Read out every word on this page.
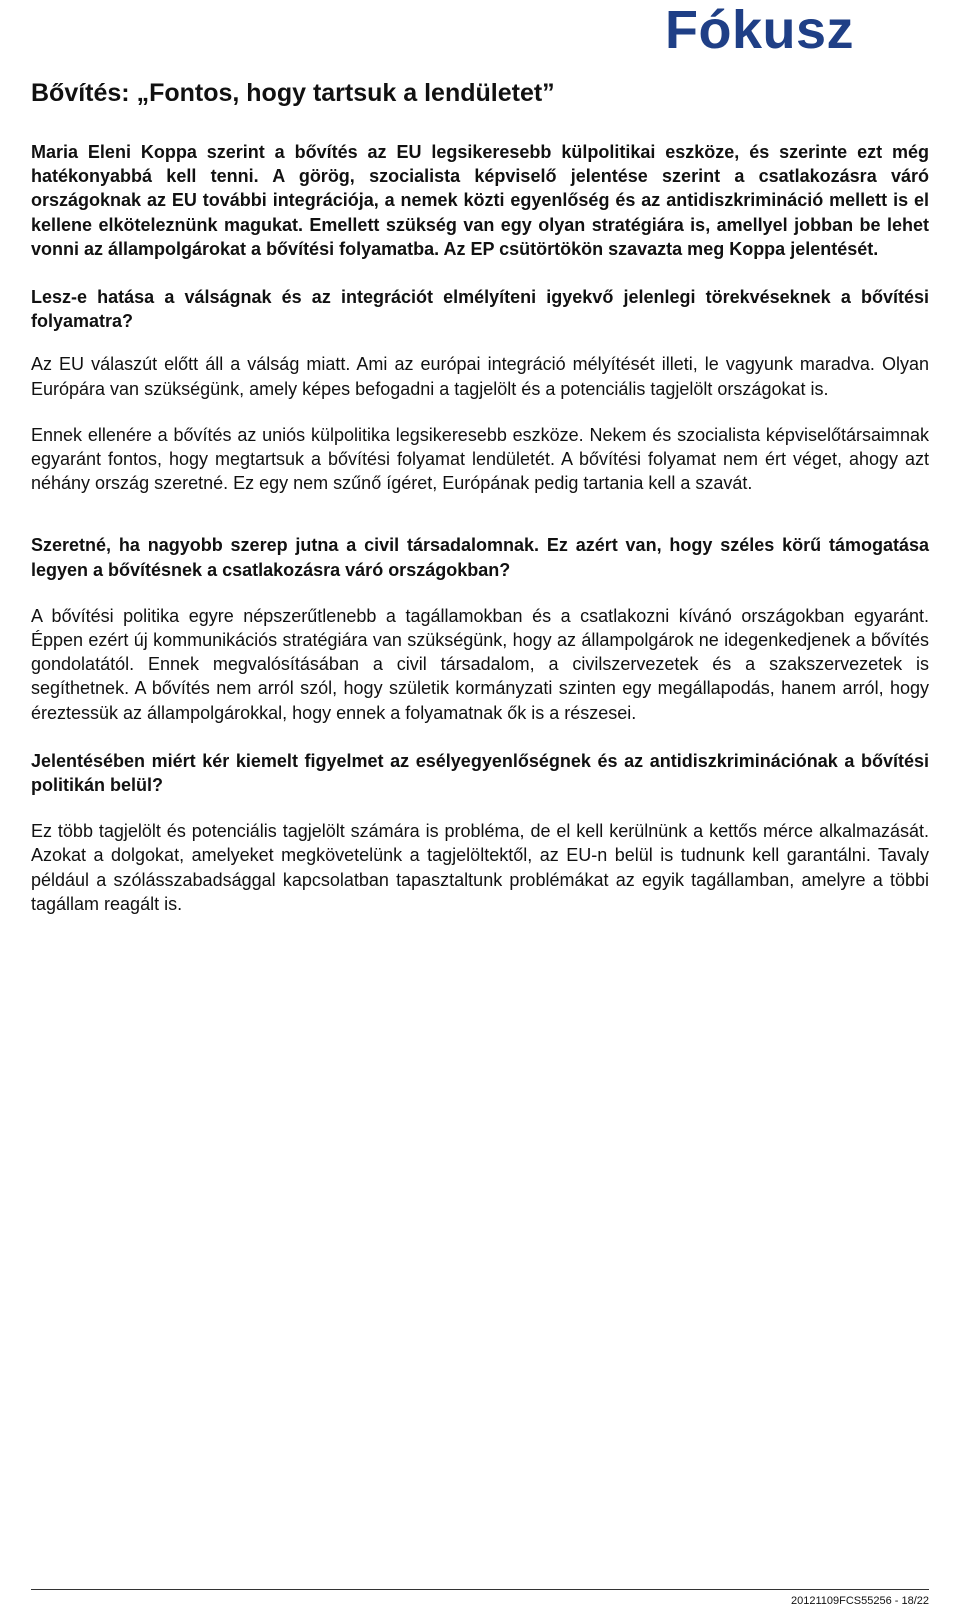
Fókusz
Bővítés: „Fontos, hogy tartsuk a lendületet”

Maria Eleni Koppa szerint a bővítés az EU legsikeresebb külpolitikai eszköze, és szerinte ezt még hatékonyabbá kell tenni. A görög, szocialista képviselő jelentése szerint a csatlakozásra váró országoknak az EU további integrációja, a nemek közti egyenlőség és az antidiszkrimináció mellett is el kellene elköteleznünk magukat. Emellett szükség van egy olyan stratégiára is, amellyel jobban be lehet vonni az állampolgárokat a bővítési folyamatba. Az EP csütörtökön szavazta meg Koppa jelentését.

Lesz-e hatása a válságnak és az integrációt elmélyíteni igyekvő jelenlegi törekvéseknek a bővítési folyamatra?

Az EU válaszút előtt áll a válság miatt. Ami az európai integráció mélyítését illeti, le vagyunk maradva. Olyan Európára van szükségünk, amely képes befogadni a tagjelölt és a potenciális tagjelölt országokat is.

Ennek ellenére a bővítés az uniós külpolitika legsikeresebb eszköze. Nekem és szocialista képviselőtársaimnak egyaránt fontos, hogy megtartsuk a bővítési folyamat lendületét. A bővítési folyamat nem ért véget, ahogy azt néhány ország szeretné. Ez egy nem szűnő ígéret, Európának pedig tartania kell a szavát.

Szeretné, ha nagyobb szerep jutna a civil társadalomnak. Ez azért van, hogy széles körű támogatása legyen a bővítésnek a csatlakozásra váró országokban?

A bővítési politika egyre népszerűtlenebb a tagállamokban és a csatlakozni kívánó országokban egyaránt. Éppen ezért új kommunikációs stratégiára van szükségünk, hogy az állampolgárok ne idegenkedjenek a bővítés gondolatától. Ennek megvalósításában a civil társadalom, a civilszervezetek és a szakszervezetek is segíthetnek. A bővítés nem arról szól, hogy születik kormányzati szinten egy megállapodás, hanem arról, hogy éreztessük az állampolgárokkal, hogy ennek a folyamatnak ők is a részesei.

Jelentésében miért kér kiemelt figyelmet az esélyegyenlőségnek és az antidiszkriminációnak a bővítési politikán belül?

Ez több tagjelölt és potenciális tagjelölt számára is probléma, de el kell kerülnünk a kettős mérce alkalmazását. Azokat a dolgokat, amelyeket megkövetelünk a tagjelöltektől, az EU-n belül is tudnunk kell garantálni. Tavaly például a szólásszabadsággal kapcsolatban tapasztaltunk problémákat az egyik tagállamban, amelyre a többi tagállam reagált is.

20121109FCS55256 - 18/22
